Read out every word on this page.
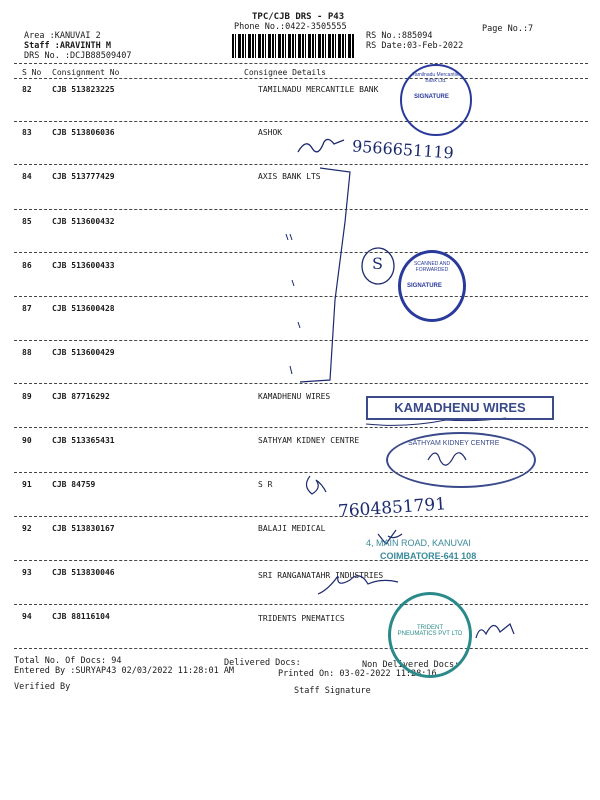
TPC/CJB DRS - P43
Phone No.:0422-3505555
Area :KANUVAI 2
Staff :ARAVINTH M
DRS No. :DCJB88509407
RS No.:885094
RS Date:03-Feb-2022
Page No.:7
S No Consignment No	Consignee Details
82	CJB 513823225	TAMILNADU MERCANTILE BANK
83	CJB 513806036	ASHOK
84	CJB 513777429	AXIS BANK LTS
85	CJB 513600432
86	CJB 513600433
87	CJB 513600428
88	CJB 513600429
89	CJB 87716292	KAMADHENU WIRES
90	CJB 513365431	SATHYAM KIDNEY CENTRE
91	CJB 84759	S R
92	CJB 513830167	BALAJI MEDICAL
93	CJB 513830046	SRI RANGANATAHR INDUSTRIES
94	CJB 88116104	TRIDENTS PNEMATICS
Total No. Of Docs: 94	Delivered Docs:	Non Delivered Docs:
Entered By :SURYAP43 02/03/2022 11:28:01 AM	Printed On: 03-02-2022 11:28:16
Verified By	Staff Signature
9566651119
7604851791
S
Tamilnadu Mercantile Bank Ltd.
SIGNATURE
SCANNED AND FORWARDED
SIGNATURE
KAMADHENU WIRES
SATHYAM KIDNEY CENTRE
4, MAIN ROAD, KANUVAI
COIMBATORE-641 108
TRIDENT PNEUMATICS PVT LTD
